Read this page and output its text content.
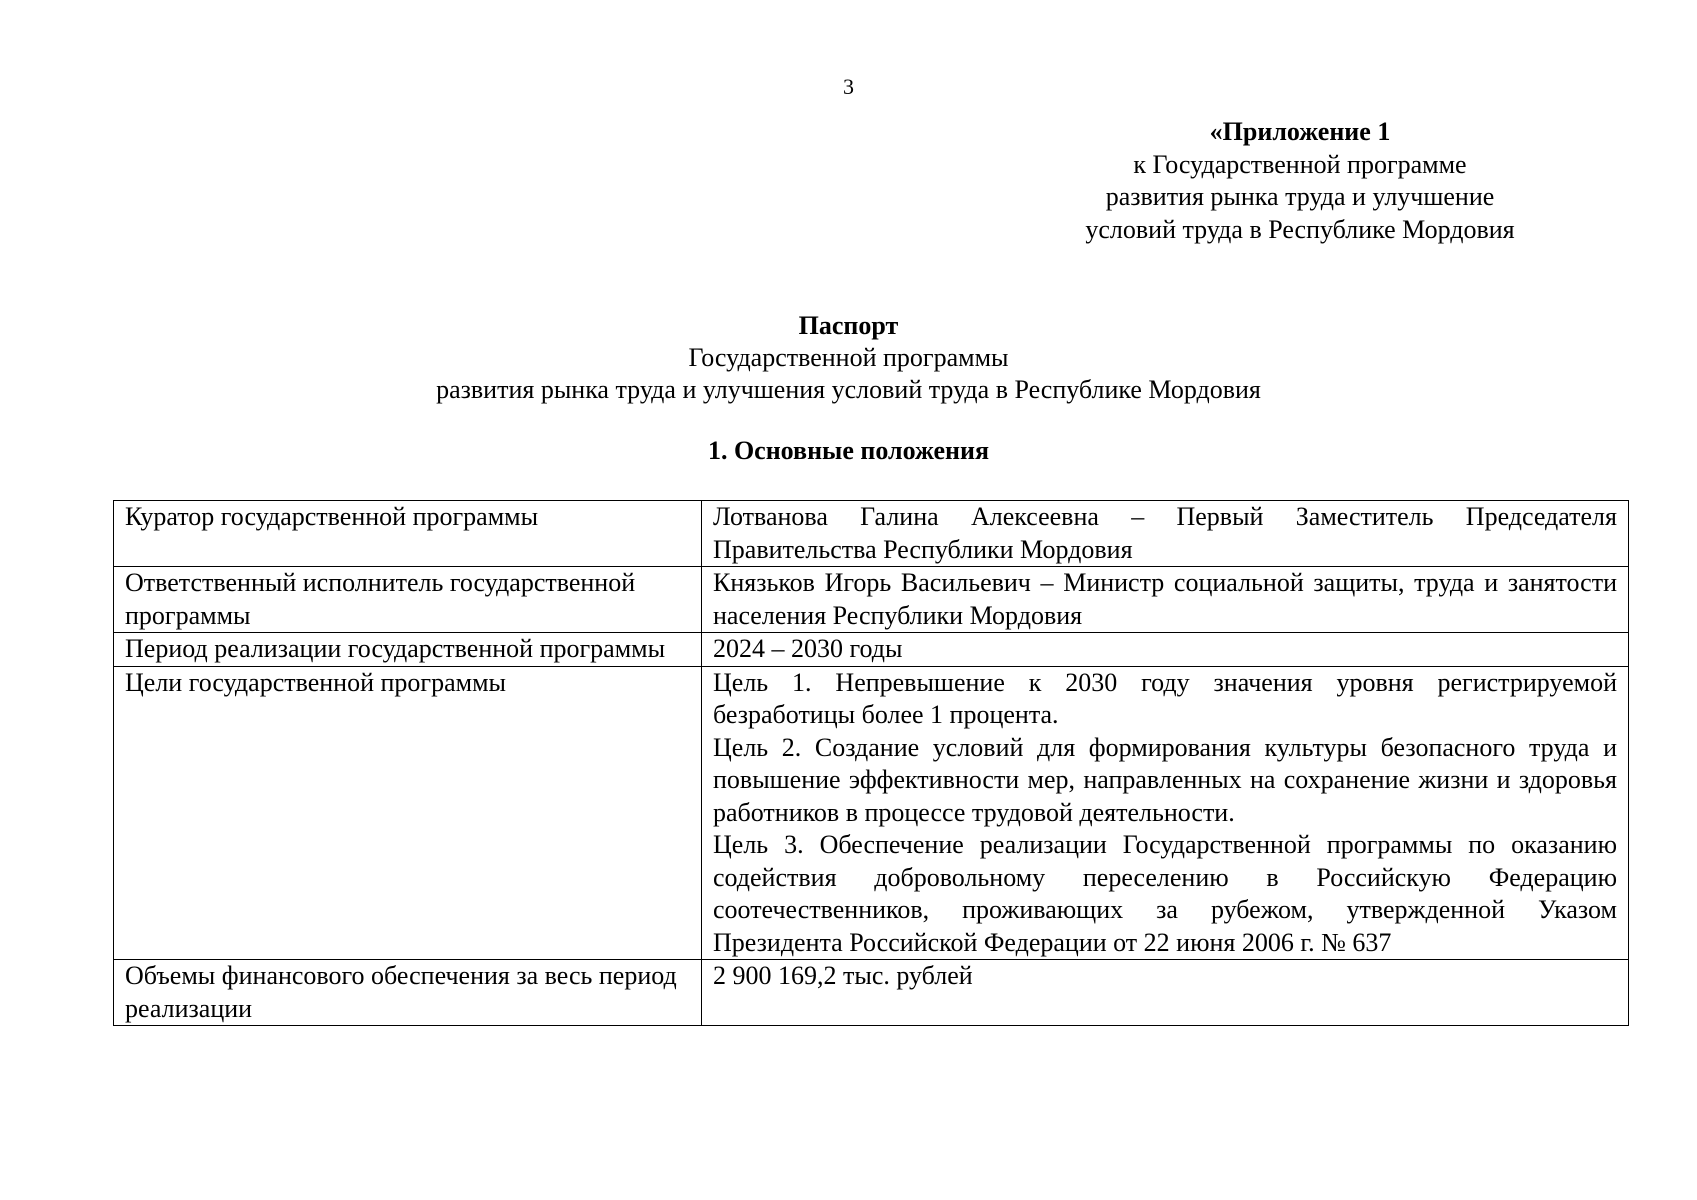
3
«Приложение 1
к Государственной программе
развития рынка труда и улучшение
условий труда в Республике Мордовия
Паспорт
Государственной программы
развития рынка труда и улучшения условий труда в Республике Мордовия
1. Основные положения
Куратор государственной программы	Лотванова Галина Алексеевна – Первый Заместитель Председателя Правительства Республики Мордовия

Ответственный исполнитель государственной программы	Князьков Игорь Васильевич – Министр социальной защиты, труда и занятости населения Республики Мордовия

Период реализации государственной программы	2024 – 2030 годы

Цели государственной программы	Цель 1. Непревышение к 2030 году значения уровня регистрируемой безработицы более 1 процента.

Цель 2. Создание условий для формирования культуры безопасного труда и повышение эффективности мер, направленных на сохранение жизни и здоровья работников в процессе трудовой деятельности.

Цель 3. Обеспечение реализации Государственной программы по оказанию содействия добровольному переселению в Российскую Федерацию соотечественников, проживающих за рубежом, утвержденной Указом Президента Российской Федерации от 22 июня 2006 г. № 637

Объемы финансового обеспечения за весь период реализации	2 900 169,2 тыс. рублей
